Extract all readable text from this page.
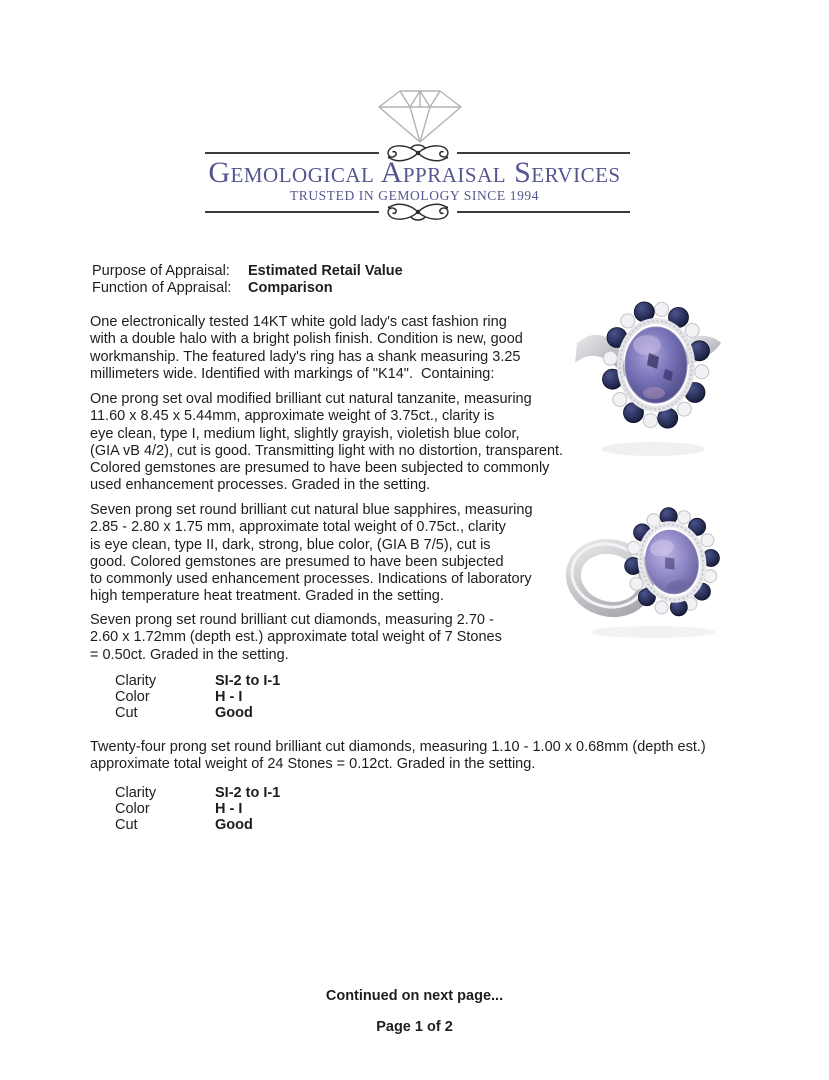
Gemological Appraisal Services
TRUSTED IN GEMOLOGY SINCE 1994
Purpose of Appraisal: Estimated Retail Value
Function of Appraisal: Comparison
One electronically tested 14KT white gold lady's cast fashion ring
with a double halo with a bright polish finish. Condition is new, good
workmanship. The featured lady's ring has a shank measuring 3.25
millimeters wide. Identified with markings of "K14".  Containing:
One prong set oval modified brilliant cut natural tanzanite, measuring
11.60 x 8.45 x 5.44mm, approximate weight of 3.75ct., clarity is
eye clean, type I, medium light, slightly grayish, violetish blue color,
(GIA vB 4/2), cut is good. Transmitting light with no distortion, transparent.
Colored gemstones are presumed to have been subjected to commonly
used enhancement processes. Graded in the setting.
Seven prong set round brilliant cut natural blue sapphires, measuring
2.85 - 2.80 x 1.75 mm, approximate total weight of 0.75ct., clarity
is eye clean, type II, dark, strong, blue color, (GIA B 7/5), cut is
good. Colored gemstones are presumed to have been subjected
to commonly used enhancement processes. Indications of laboratory
high temperature heat treatment. Graded in the setting.
Seven prong set round brilliant cut diamonds, measuring 2.70 -
2.60 x 1.72mm (depth est.) approximate total weight of 7 Stones
= 0.50ct. Graded in the setting.
Clarity	SI-2 to I-1
Color	H - I
Cut	Good
Twenty-four prong set round brilliant cut diamonds, measuring 1.10 - 1.00 x 0.68mm (depth est.)
approximate total weight of 24 Stones = 0.12ct. Graded in the setting.
Clarity	SI-2 to I-1
Color	H - I
Cut	Good
Continued on next page...
Page 1 of 2
